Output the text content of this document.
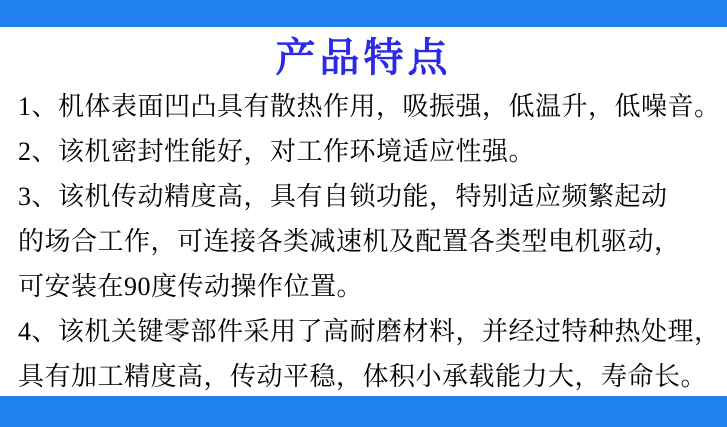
产品特点
1、机体表面凹凸具有散热作用，吸振强，低温升，低噪音。
2、该机密封性能好，对工作环境适应性强。
3、该机传动精度高，具有自锁功能，特别适应频繁起动
的场合工作，可连接各类减速机及配置各类型电机驱动，
可安装在90度传动操作位置。
4、该机关键零部件采用了高耐磨材料，并经过特种热处理，
具有加工精度高，传动平稳，体积小承载能力大，寿命长。
